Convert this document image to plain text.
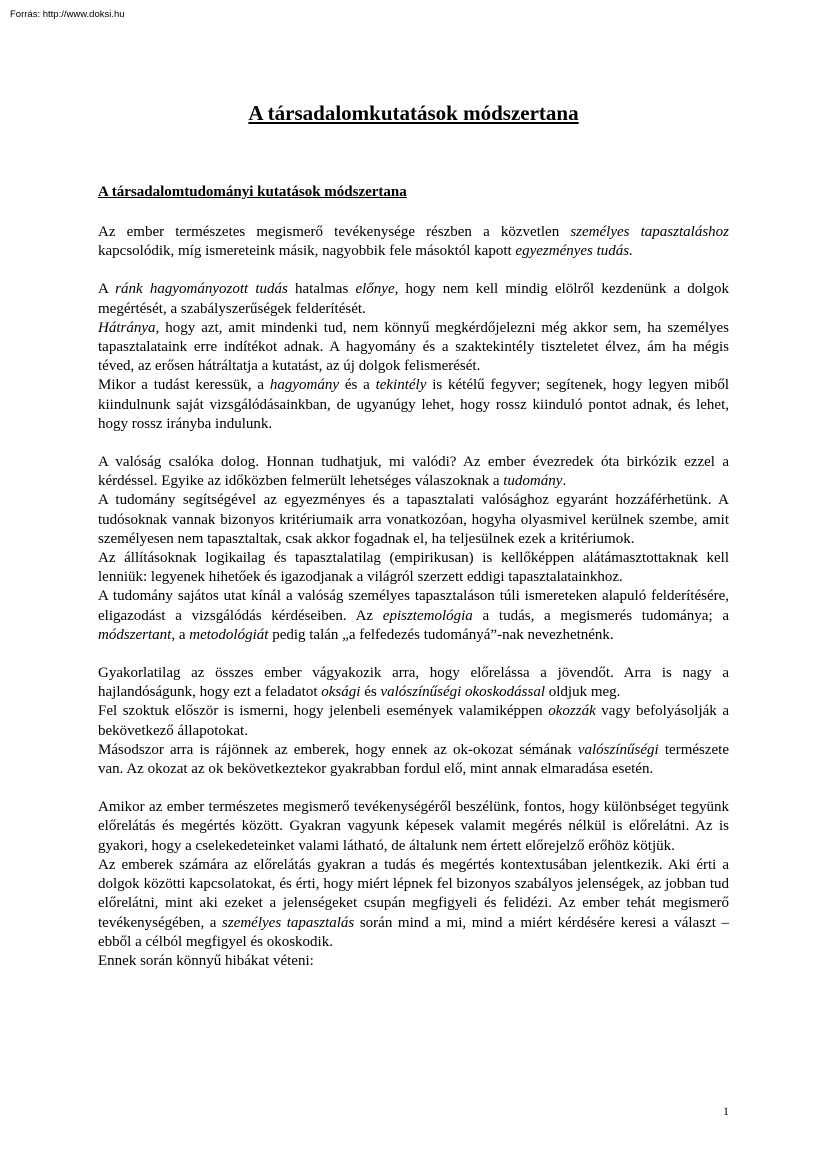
Forrás: http://www.doksi.hu
A társadalomkutatások módszertana
A társadalomtudományi kutatások módszertana

Az ember természetes megismerő tevékenysége részben a közvetlen személyes tapasztaláshoz kapcsolódik, míg ismereteink másik, nagyobbik fele másoktól kapott egyezményes tudás.

A ránk hagyományozott tudás hatalmas előnye, hogy nem kell mindig elölről kezdenünk a dolgok megértését, a szabályszerűségek felderítését.

Hátránya, hogy azt, amit mindenki tud, nem könnyű megkérdőjelezni még akkor sem, ha személyes tapasztalataink erre indítékot adnak. A hagyomány és a szaktekintély tiszteletet élvez, ám ha mégis téved, az erősen hátráltatja a kutatást, az új dolgok felismerését.

Mikor a tudást keressük, a hagyomány és a tekintély is kétélű fegyver; segítenek, hogy legyen miből kiindulnunk saját vizsgálódásainkban, de ugyanúgy lehet, hogy rossz kiinduló pontot adnak, és lehet, hogy rossz irányba indulunk.

A valóság csalóka dolog. Honnan tudhatjuk, mi valódi? Az ember évezredek óta birkózik ezzel a kérdéssel. Egyike az időközben felmerült lehetséges válaszoknak a tudomány.

A tudomány segítségével az egyezményes és a tapasztalati valósághoz egyaránt hozzáférhetünk. A tudósoknak vannak bizonyos kritériumaik arra vonatkozóan, hogyha olyasmivel kerülnek szembe, amit személyesen nem tapasztaltak, csak akkor fogadnak el, ha teljesülnek ezek a kritériumok.

Az állításoknak logikailag és tapasztalatilag (empirikusan) is kellőképpen alátámasztottaknak kell lenniük: legyenek hihetőek és igazodjanak a világról szerzett eddigi tapasztalatainkhoz.

A tudomány sajátos utat kínál a valóság személyes tapasztaláson túli ismereteken alapuló felderítésére, eligazodást a vizsgálódás kérdéseiben. Az episztemológia a tudás, a megismerés tudománya; a módszertant, a metodológiát pedig talán „a felfedezés tudományá”-nak nevezhetnénk.

Gyakorlatilag az összes ember vágyakozik arra, hogy előrelássa a jövendőt. Arra is nagy a hajlandóságunk, hogy ezt a feladatot oksági és valószínűségi okoskodással oldjuk meg.

Fel szoktuk először is ismerni, hogy jelenbeli események valamiképpen okozzák vagy befolyásolják a bekövetkező állapotokat.

Másodszor arra is rájönnek az emberek, hogy ennek az ok-okozat sémának valószínűségi természete van. Az okozat az ok bekövetkeztekor gyakrabban fordul elő, mint annak elmaradása esetén.

Amikor az ember természetes megismerő tevékenységéről beszélünk, fontos, hogy különbséget tegyünk előrelátás és megértés között. Gyakran vagyunk képesek valamit megérés nélkül is előrelátni. Az is gyakori, hogy a cselekedeteinket valami látható, de általunk nem értett előrejelző erőhöz kötjük.

Az emberek számára az előrelátás gyakran a tudás és megértés kontextusában jelentkezik. Aki érti a dolgok közötti kapcsolatokat, és érti, hogy miért lépnek fel bizonyos szabályos jelenségek, az jobban tud előrelátni, mint aki ezeket a jelenségeket csupán megfigyeli és felidézi. Az ember tehát megismerő tevékenységében, a személyes tapasztalás során mind a mi, mind a miért kérdésére keresi a választ – ebből a célból megfigyel és okoskodik.

Ennek során könnyű hibákat véteni:

1
